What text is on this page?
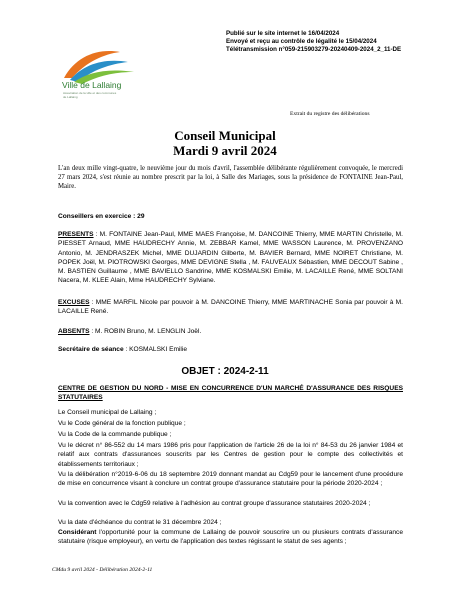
Ville de Lallaing
Association de la ville et des communes de Lallaing
Publié sur le site internet le 16/04/2024
Envoyé et reçu au contrôle de légalité le 15/04/2024
Télétransmission n°059-215903279-20240409-2024_2_11-DE
Extrait du registre des délibérations
Conseil Municipal
Mardi 9 avril 2024
L'an deux mille vingt-quatre, le neuvième jour du mois d'avril, l'assemblée délibérante régulièrement convoquée, le mercredi 27 mars 2024, s'est réunie au nombre prescrit par la loi, à Salle des Mariages, sous la présidence de FONTAINE Jean-Paul, Maire.
Conseillers en exercice : 29
PRESENTS : M. FONTAINE Jean-Paul, MME MAES Françoise, M. DANCOINE Thierry, MME MARTIN Christelle, M. PIESSET Arnaud, MME HAUDRECHY Annie, M. ZEBBAR Kamel, MME WASSON Laurence, M. PROVENZANO Antonio, M. JENDRASZEK Michel, MME DUJARDIN Gilberte, M. BAVIER Bernard, MME NOIRET Christiane, M. POPEK Joël, M. PIOTROWSKI Georges, MME DEVIGNE Stella , M. FAUVEAUX Sébastien, MME DECOUT Sabine , M. BASTIEN Guillaume , MME BAVIELLO Sandrine, MME KOSMALSKI Emilie, M. LACAILLE René, MME SOLTANI Nacera, M. KLEE Alain, Mme HAUDRECHY Sylviane.
EXCUSES : MME MARFIL Nicole par pouvoir à M. DANCOINE Thierry, MME MARTINACHE Sonia par pouvoir à M. LACAILLE René.
ABSENTS : M. ROBIN Bruno, M. LENGLIN Joël.
Secrétaire de séance : KOSMALSKI Emilie
OBJET : 2024-2-11
CENTRE DE GESTION DU NORD - MISE EN CONCURRENCE D'UN MARCHÉ D'ASSURANCE DES RISQUES STATUTAIRES
Le Conseil municipal de Lallaing ;
Vu le Code général de la fonction publique ;
Vu la Code de la commande publique ;
Vu le décret n° 86-552 du 14 mars 1986 pris pour l'application de l'article 26 de la loi n° 84-53 du 26 janvier 1984 et relatif aux contrats d'assurances souscrits par les Centres de gestion pour le compte des collectivités et établissements territoriaux ;
Vu la délibération n°2019-6-06 du 18 septembre 2019 donnant mandat au Cdg59 pour le lancement d'une procédure de mise en concurrence visant à conclure un contrat groupe d'assurance statutaire pour la période 2020-2024 ;
Vu la convention avec le Cdg59 relative à l'adhésion au contrat groupe d'assurance statutaires 2020-2024 ;
Vu la date d'échéance du contrat le 31 décembre 2024 ;
Considérant l'opportunité pour la commune de Lallaing de pouvoir souscrire un ou plusieurs contrats d'assurance statutaire (risque employeur), en vertu de l'application des textes régissant le statut de ses agents ;
CMdu 9 avril 2024 - Délibération 2024-2-11
